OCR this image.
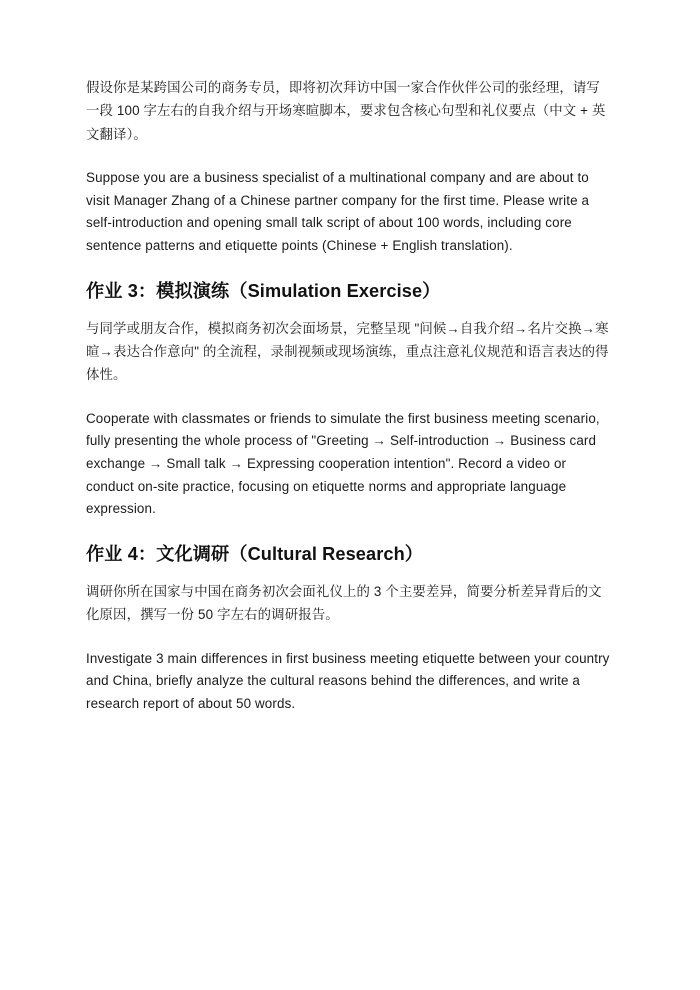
假设你是某跨国公司的商务专员，即将初次拜访中国一家合作伙伴公司的张经理，请写一段 100 字左右的自我介绍与开场寒暄脚本，要求包含核心句型和礼仪要点（中文 + 英文翻译）。

Suppose you are a business specialist of a multinational company and are about to visit Manager Zhang of a Chinese partner company for the first time. Please write a self-introduction and opening small talk script of about 100 words, including core sentence patterns and etiquette points (Chinese + English translation).

作业 3：模拟演练（Simulation Exercise）

与同学或朋友合作，模拟商务初次会面场景，完整呈现 "问候→自我介绍→名片交换→寒暄→表达合作意向" 的全流程，录制视频或现场演练，重点注意礼仪规范和语言表达的得体性。

Cooperate with classmates or friends to simulate the first business meeting scenario, fully presenting the whole process of "Greeting → Self-introduction → Business card exchange → Small talk → Expressing cooperation intention". Record a video or conduct on-site practice, focusing on etiquette norms and appropriate language expression.

作业 4：文化调研（Cultural Research）

调研你所在国家与中国在商务初次会面礼仪上的 3 个主要差异，简要分析差异背后的文化原因，撰写一份 50 字左右的调研报告。

Investigate 3 main differences in first business meeting etiquette between your country and China, briefly analyze the cultural reasons behind the differences, and write a research report of about 50 words.
